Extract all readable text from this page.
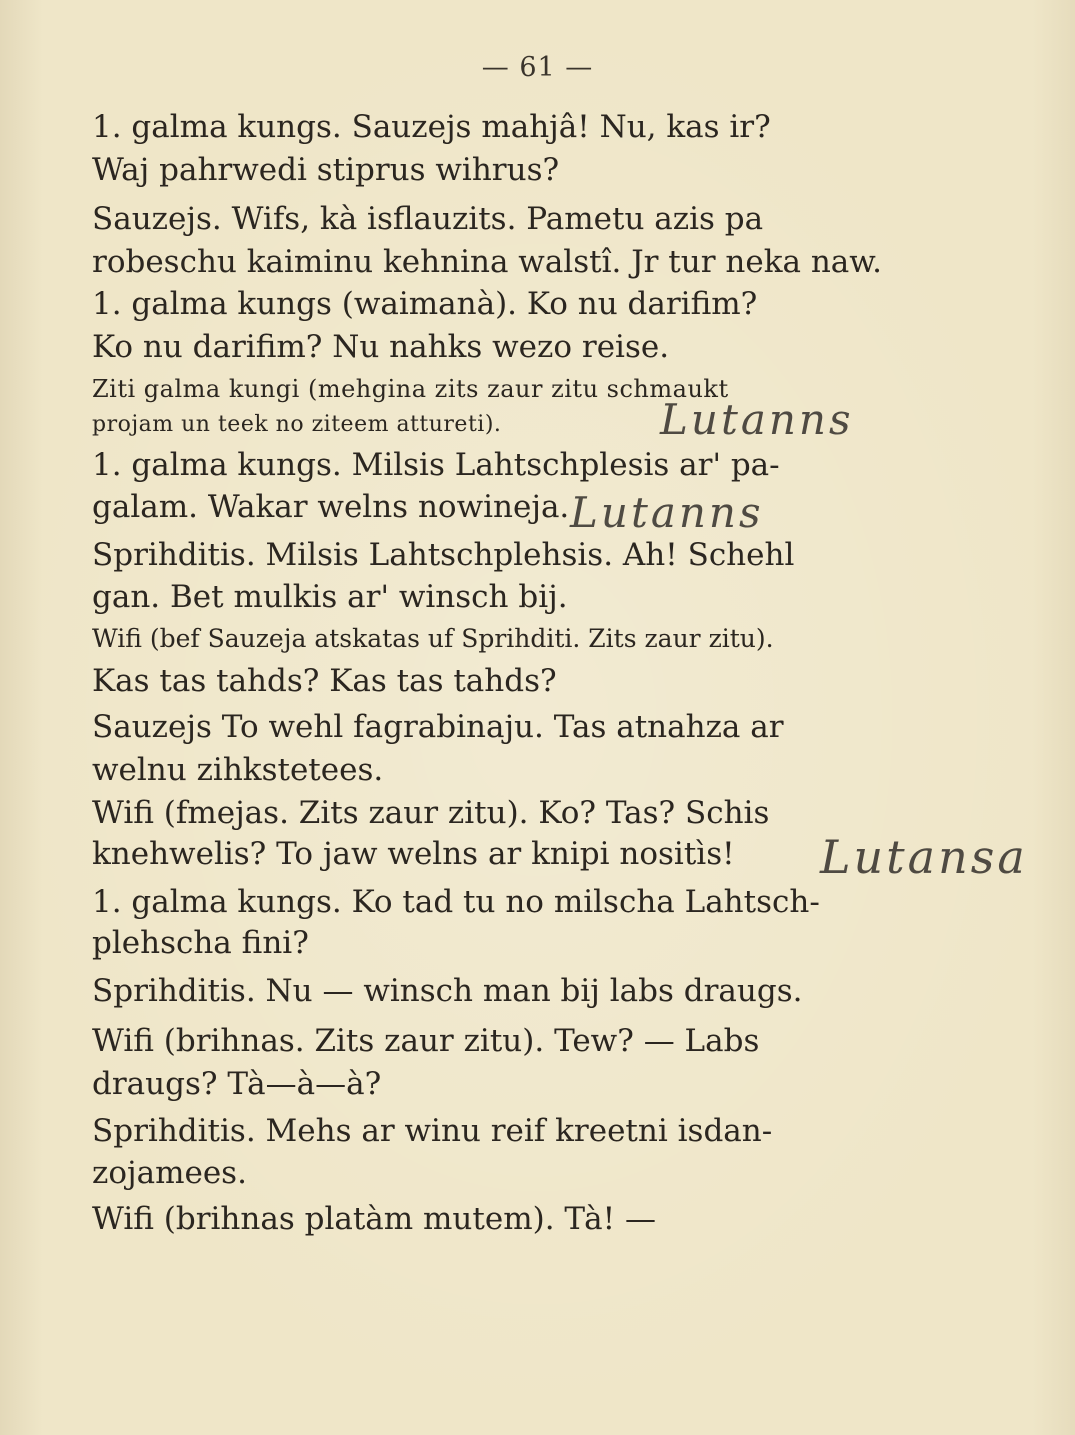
— 61 —
1. galma kungs. Sauzejs mahjâ! Nu, kas ir?
Waj pahrwedi stiprus wihrus?
Sauzejs. Wifs, kà isflauzits. Pametu azis pa
robeschu kaiminu kehnina walstî. Jr tur neka naw.
1. galma kungs (waimanà). Ko nu darifim?
Ko nu darifim? Nu nahks wezo reise.
Ziti galma kungi (mehgina zits zaur zitu schmaukt
projam un teek no ziteem attureti).
1. galma kungs. Milsis Lahtschplesis ar' pa-
galam. Wakar welns nowineja.
Sprihditis. Milsis Lahtschplehsis. Ah! Schehl
gan. Bet mulkis ar' winsch bij.
Wifi (bef Sauzeja atskatas uf Sprihditi. Zits zaur zitu).
Kas tas tahds? Kas tas tahds?
Sauzejs To wehl fagrabinaju. Tas atnahza ar
welnu zihkstetees.
Wifi (fmejas. Zits zaur zitu). Ko? Tas? Schis
knehwelis? To jaw welns ar knipi nositìs!
1. galma kungs. Ko tad tu no milscha Lahtsch-
plehscha fini?
Sprihditis. Nu — winsch man bij labs draugs.
Wifi (brihnas. Zits zaur zitu). Tew? — Labs
draugs? Tà—à—à?
Sprihditis. Mehs ar winu reif kreetni isdan-
zojamees.
Wifi (brihnas platàm mutem). Tà! —
Lutanns
Lutanns
Lutansa
